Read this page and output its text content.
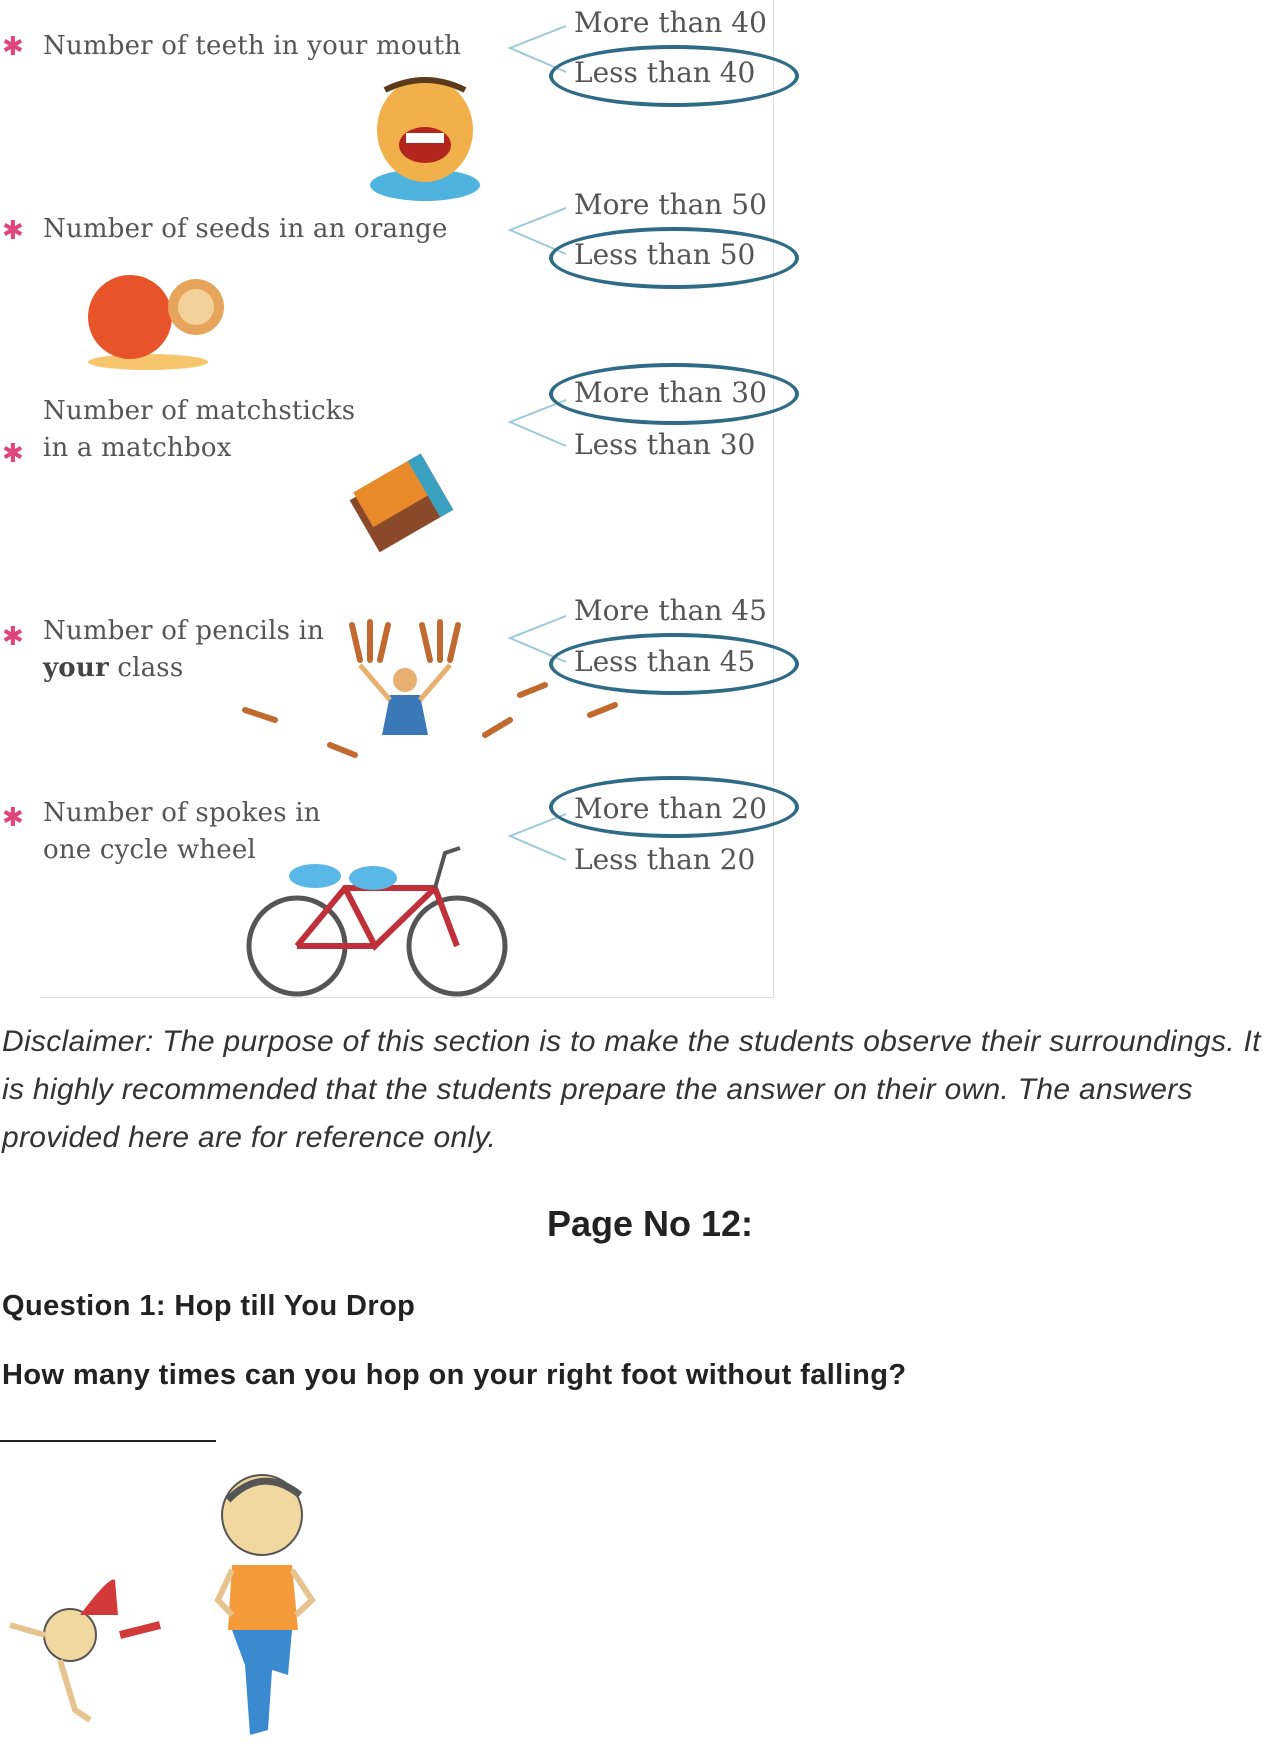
✱ Number of teeth in your mouth
More than 40
Less than 40
✱ Number of seeds in an orange
More than 50
Less than 50
✱
Number of matchsticks
in a matchbox
More than 30
Less than 30
✱ Number of pencils in
your class
More than 45
Less than 45
✱ Number of spokes in
one cycle wheel
More than 20
Less than 20
Disclaimer: The purpose of this section is to make the students observe their surroundings. It is highly recommended that the students prepare the answer on their own. The answers provided here are for reference only.
Page No 12:
Question 1: Hop till You Drop
How many times can you hop on your right foot without falling?
